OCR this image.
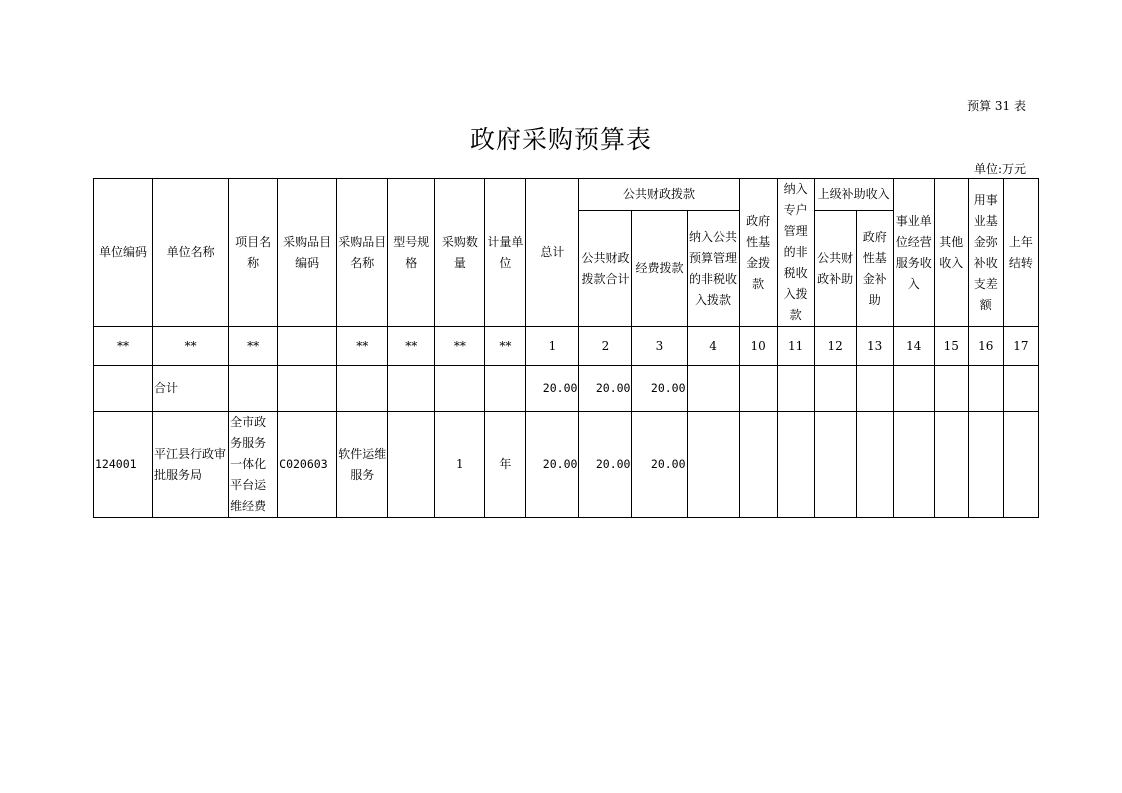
预算 31 表
政府采购预算表
单位:万元
单位编码	单位名称	项目名称	采购品目编码	采购品目名称	型号规格	采购数量	计量单位	总计	公共财政拨款			政府性基金拨款	纳入专户管理的非税收入拨款	上级补助收入		事业单位经营服务收入	其他收入	用事业基金弥补收支差额	上年结转
									公共财政拨款合计	经费拨款	纳入公共预算管理的非税收入拨款			公共财政补助	政府性基金补助				
**	**	**		**	**	**	**	1	2	3	4	10	11	12	13	14	15	16	17
	合计							20.00	20.00	20.00									
124001	平江县行政审批服务局	全市政务服务一体化平台运维经费	C020603	软件运维服务		1	年	20.00	20.00	20.00									
